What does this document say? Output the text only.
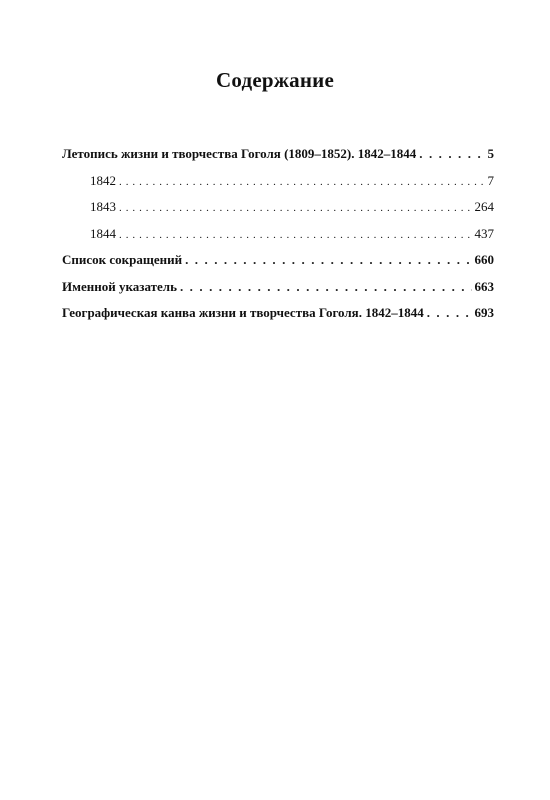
Содержание
Летопись жизни и творчества Гоголя (1809–1852). 1842–1844 . . .	5
1842 . . .	7
1843 . . .	264
1844 . . .	437
Список сокращений . . .	660
Именной указатель . . .	663
Географическая канва жизни и творчества Гоголя. 1842–1844 . . .	693
